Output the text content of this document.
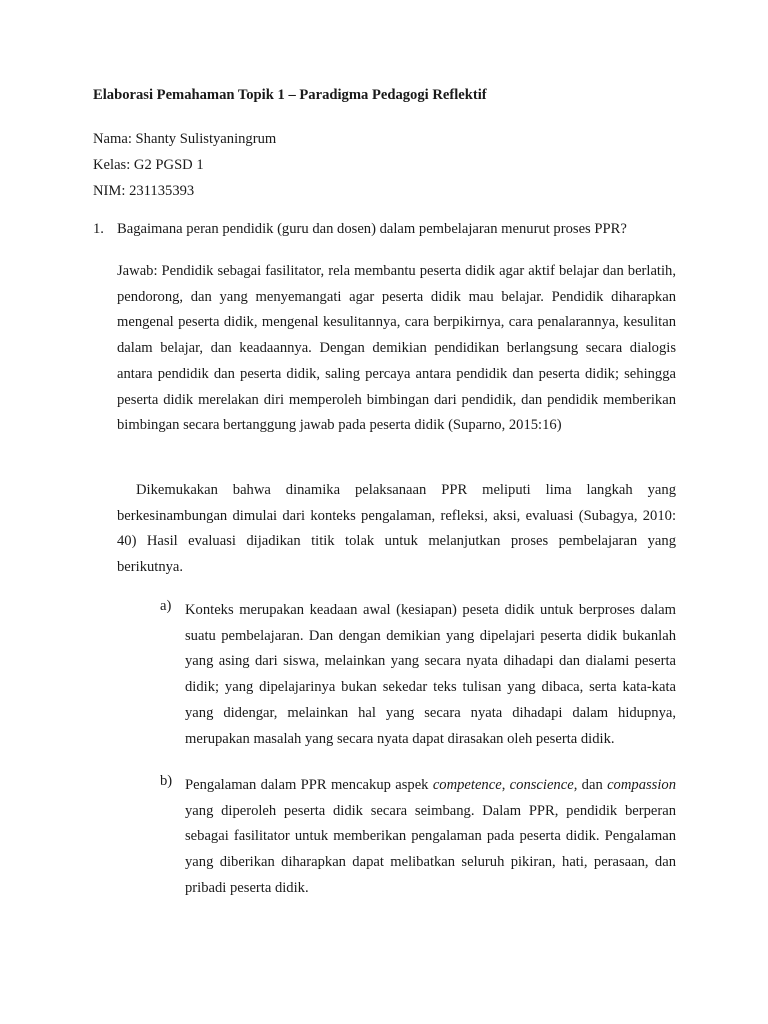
Elaborasi Pemahaman Topik 1 – Paradigma Pedagogi Reflektif
Nama: Shanty Sulistyaningrum
Kelas: G2 PGSD 1
NIM: 231135393
1. Bagaimana peran pendidik (guru dan dosen) dalam pembelajaran menurut proses PPR?
Jawab: Pendidik sebagai fasilitator, rela membantu peserta didik agar aktif belajar dan berlatih, pendorong, dan yang menyemangati agar peserta didik mau belajar. Pendidik diharapkan mengenal peserta didik, mengenal kesulitannya, cara berpikirnya, cara penalarannya, kesulitan dalam belajar, dan keadaannya. Dengan demikian pendidikan berlangsung secara dialogis antara pendidik dan peserta didik, saling percaya antara pendidik dan peserta didik; sehingga peserta didik merelakan diri memperoleh bimbingan dari pendidik, dan pendidik memberikan bimbingan secara bertanggung jawab pada peserta didik (Suparno, 2015:16)
Dikemukakan bahwa dinamika pelaksanaan PPR meliputi lima langkah yang berkesinambungan dimulai dari konteks pengalaman, refleksi, aksi, evaluasi (Subagya, 2010: 40) Hasil evaluasi dijadikan titik tolak untuk melanjutkan proses pembelajaran yang berikutnya.
a) Konteks merupakan keadaan awal (kesiapan) peseta didik untuk berproses dalam suatu pembelajaran. Dan dengan demikian yang dipelajari peserta didik bukanlah yang asing dari siswa, melainkan yang secara nyata dihadapi dan dialami peserta didik; yang dipelajarinya bukan sekedar teks tulisan yang dibaca, serta kata-kata yang didengar, melainkan hal yang secara nyata dihadapi dalam hidupnya, merupakan masalah yang secara nyata dapat dirasakan oleh peserta didik.
b) Pengalaman dalam PPR mencakup aspek competence, conscience, dan compassion yang diperoleh peserta didik secara seimbang. Dalam PPR, pendidik berperan sebagai fasilitator untuk memberikan pengalaman pada peserta didik. Pengalaman yang diberikan diharapkan dapat melibatkan seluruh pikiran, hati, perasaan, dan pribadi peserta didik.
